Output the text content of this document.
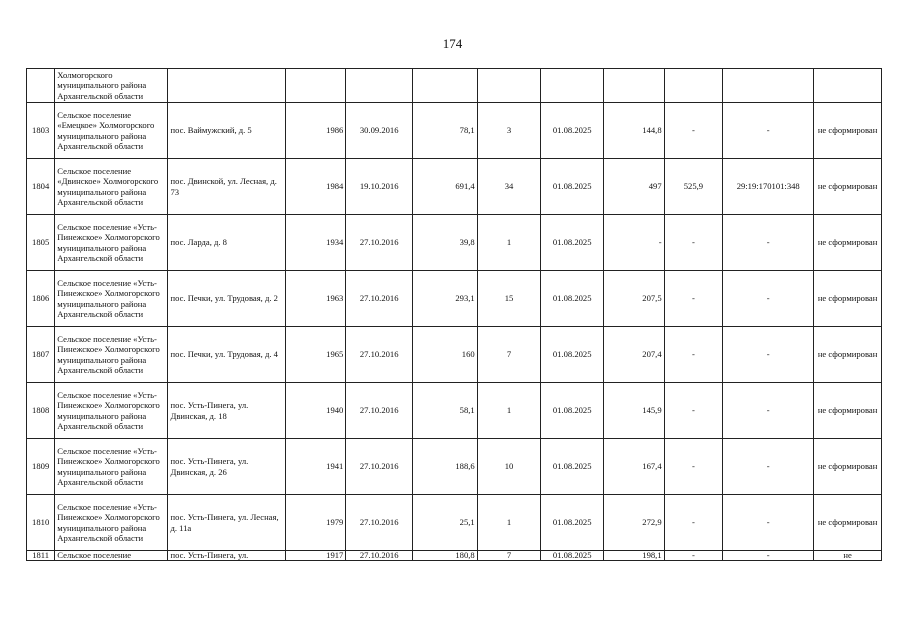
174
	Холмогорского муниципального района Архангельской области										
1803	Сельское поселение «Емецкое» Холмогорского муниципального района Архангельской области	пос. Ваймужский, д. 5	1986	30.09.2016	78,1	3	01.08.2025	144,8	-	-	не сформирован
1804	Сельское поселение «Двинское» Холмогорского муниципального района Архангельской области	пос. Двинской, ул. Лесная, д. 73	1984	19.10.2016	691,4	34	01.08.2025	497	525,9	29:19:170101:348	не сформирован
1805	Сельское поселение «Усть-Пинежское» Холмогорского муниципального района Архангельской области	пос. Ларда, д. 8	1934	27.10.2016	39,8	1	01.08.2025	-	-	-	не сформирован
1806	Сельское поселение «Усть-Пинежское» Холмогорского муниципального района Архангельской области	пос. Печки, ул. Трудовая, д. 2	1963	27.10.2016	293,1	15	01.08.2025	207,5	-	-	не сформирован
1807	Сельское поселение «Усть-Пинежское» Холмогорского муниципального района Архангельской области	пос. Печки, ул. Трудовая, д. 4	1965	27.10.2016	160	7	01.08.2025	207,4	-	-	не сформирован
1808	Сельское поселение «Усть-Пинежское» Холмогорского муниципального района Архангельской области	пос. Усть-Пинега, ул. Двинская, д. 18	1940	27.10.2016	58,1	1	01.08.2025	145,9	-	-	не сформирован
1809	Сельское поселение «Усть-Пинежское» Холмогорского муниципального района Архангельской области	пос. Усть-Пинега, ул. Двинская, д. 26	1941	27.10.2016	188,6	10	01.08.2025	167,4	-	-	не сформирован
1810	Сельское поселение «Усть-Пинежское» Холмогорского муниципального района Архангельской области	пос. Усть-Пинега, ул. Лесная, д. 11а	1979	27.10.2016	25,1	1	01.08.2025	272,9	-	-	не сформирован
1811	Сельское поселение	пос. Усть-Пинега, ул.	1917	27.10.2016	180,8	7	01.08.2025	198,1	-	-	не
